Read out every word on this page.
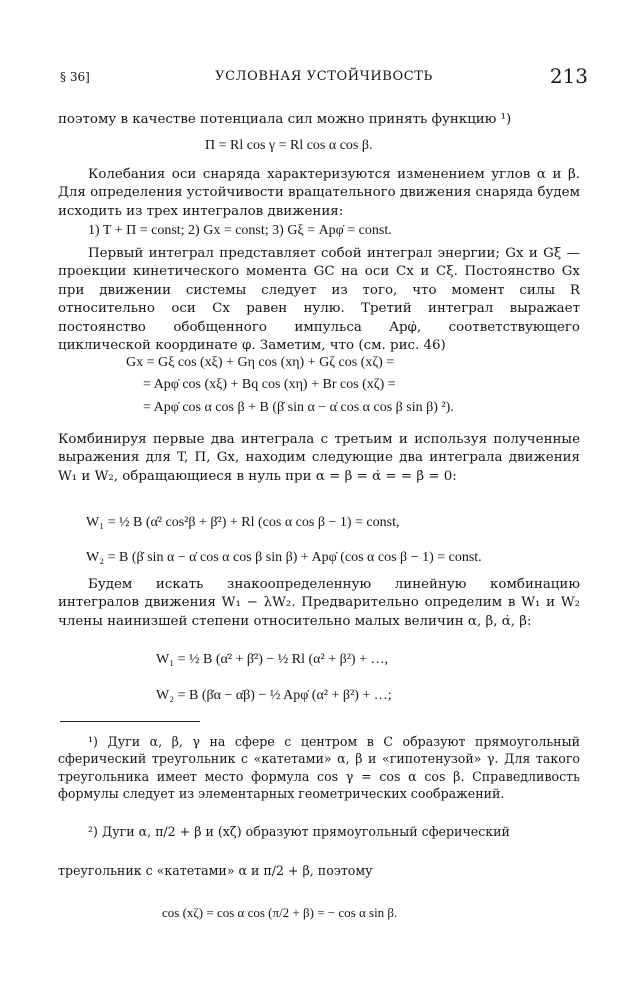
§ 36]	УСЛОВНАЯ УСТОЙЧИВОСТЬ	213
поэтому в качестве потенциала сил можно принять функцию ¹)
Π = Rl cos γ = Rl cos α cos β.
Колебания оси снаряда характеризуются изменением углов α и β. Для определения устойчивости вращательного движения снаряда будем исходить из трех интегралов движения:
1) T + Π = const; 2) Gx = const; 3) Gξ = Apφ̇ = const.
Первый интеграл представляет собой интеграл энергии; Gx и Gξ — проекции кинетического момента GC на оси Cx и Cξ. Постоянство Gx при движении системы следует из того, что момент силы R относительно оси Cx равен нулю. Третий интеграл выражает постоянство обобщенного импульса Apφ̇, соответствующего циклической координате φ. Заметим, что (см. рис. 46)
Gx = Gξ cos (xξ) + Gη cos (xη) + Gζ cos (xζ) =
= Apφ̇ cos (xξ) + Bq cos (xη) + Br cos (xζ) =
= Apφ̇ cos α cos β + B (β̇ sin α − α̇ cos α cos β sin β) ²).
Комбинируя первые два интеграла с третьим и используя полученные выражения для T, Π, Gx, находим следующие два интеграла движения W₁ и W₂, обращающиеся в нуль при α = β = α̇ = = β̇ = 0:
W₁ = ½ B (α̇² cos²β + β̇²) + Rl (cos α cos β − 1) = const,
W₂ = B (β̇ sin α − α̇ cos α cos β sin β) + Apφ̇ (cos α cos β − 1) = const.
Будем искать знакоопределенную линейную комбинацию интегралов движения W₁ − λW₂. Предварительно определим в W₁ и W₂ члены наинизшей степени относительно малых величин α, β, α̇, β̇:
W₁ = ½ B (α̇² + β̇²) − ½ Rl (α² + β²) + …,
W₂ = B (β̇α − α̇β) − ½ Apφ̇ (α² + β²) + …;
¹) Дуги α, β, γ на сфере с центром в C образуют прямоугольный сферический треугольник с «катетами» α, β и «гипотенузой» γ. Для такого треугольника имеет место формула cos γ = cos α cos β. Справедливость формулы следует из элементарных геометрических соображений.
²) Дуги α, π/2 + β и (xζ) образуют прямоугольный сферический
треугольник с «катетами» α и π/2 + β, поэтому
cos (xζ) = cos α cos (π/2 + β) = − cos α sin β.
